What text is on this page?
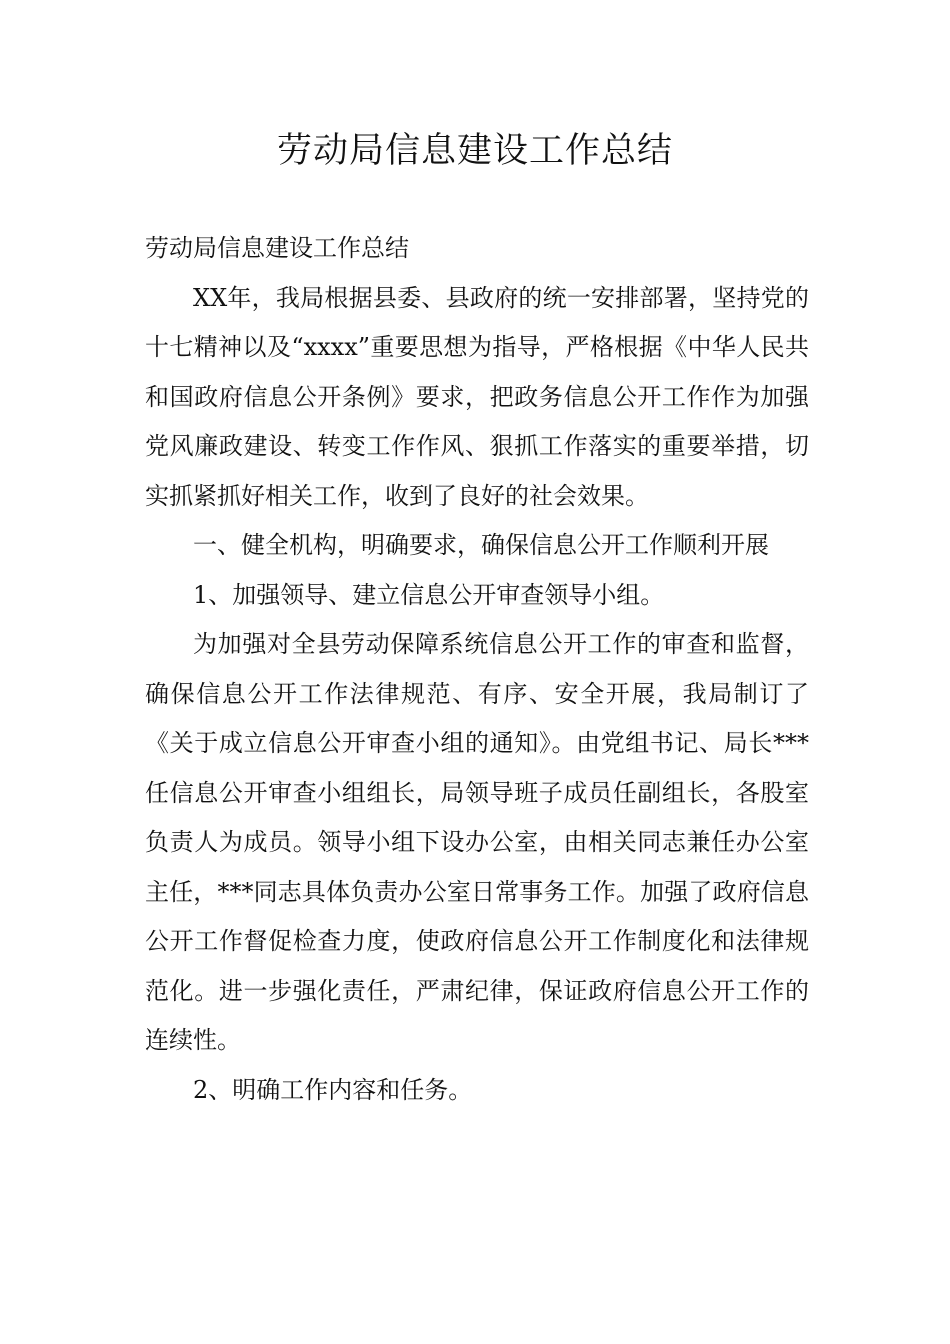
劳动局信息建设工作总结

劳动局信息建设工作总结

XX年，我局根据县委、县政府的统一安排部署，坚持党的十七精神以及“xxxx”重要思想为指导，严格根据《中华人民共和国政府信息公开条例》要求，把政务信息公开工作作为加强党风廉政建设、转变工作作风、狠抓工作落实的重要举措，切实抓紧抓好相关工作，收到了良好的社会效果。

一、健全机构，明确要求，确保信息公开工作顺利开展

1、加强领导、建立信息公开审查领导小组。

为加强对全县劳动保障系统信息公开工作的审查和监督，确保信息公开工作法律规范、有序、安全开展，我局制订了《关于成立信息公开审查小组的通知》。由党组书记、局长***任信息公开审查小组组长，局领导班子成员任副组长，各股室负责人为成员。领导小组下设办公室，由相关同志兼任办公室主任，***同志具体负责办公室日常事务工作。加强了政府信息公开工作督促检查力度，使政府信息公开工作制度化和法律规范化。进一步强化责任，严肃纪律，保证政府信息公开工作的连续性。

2、明确工作内容和任务。
